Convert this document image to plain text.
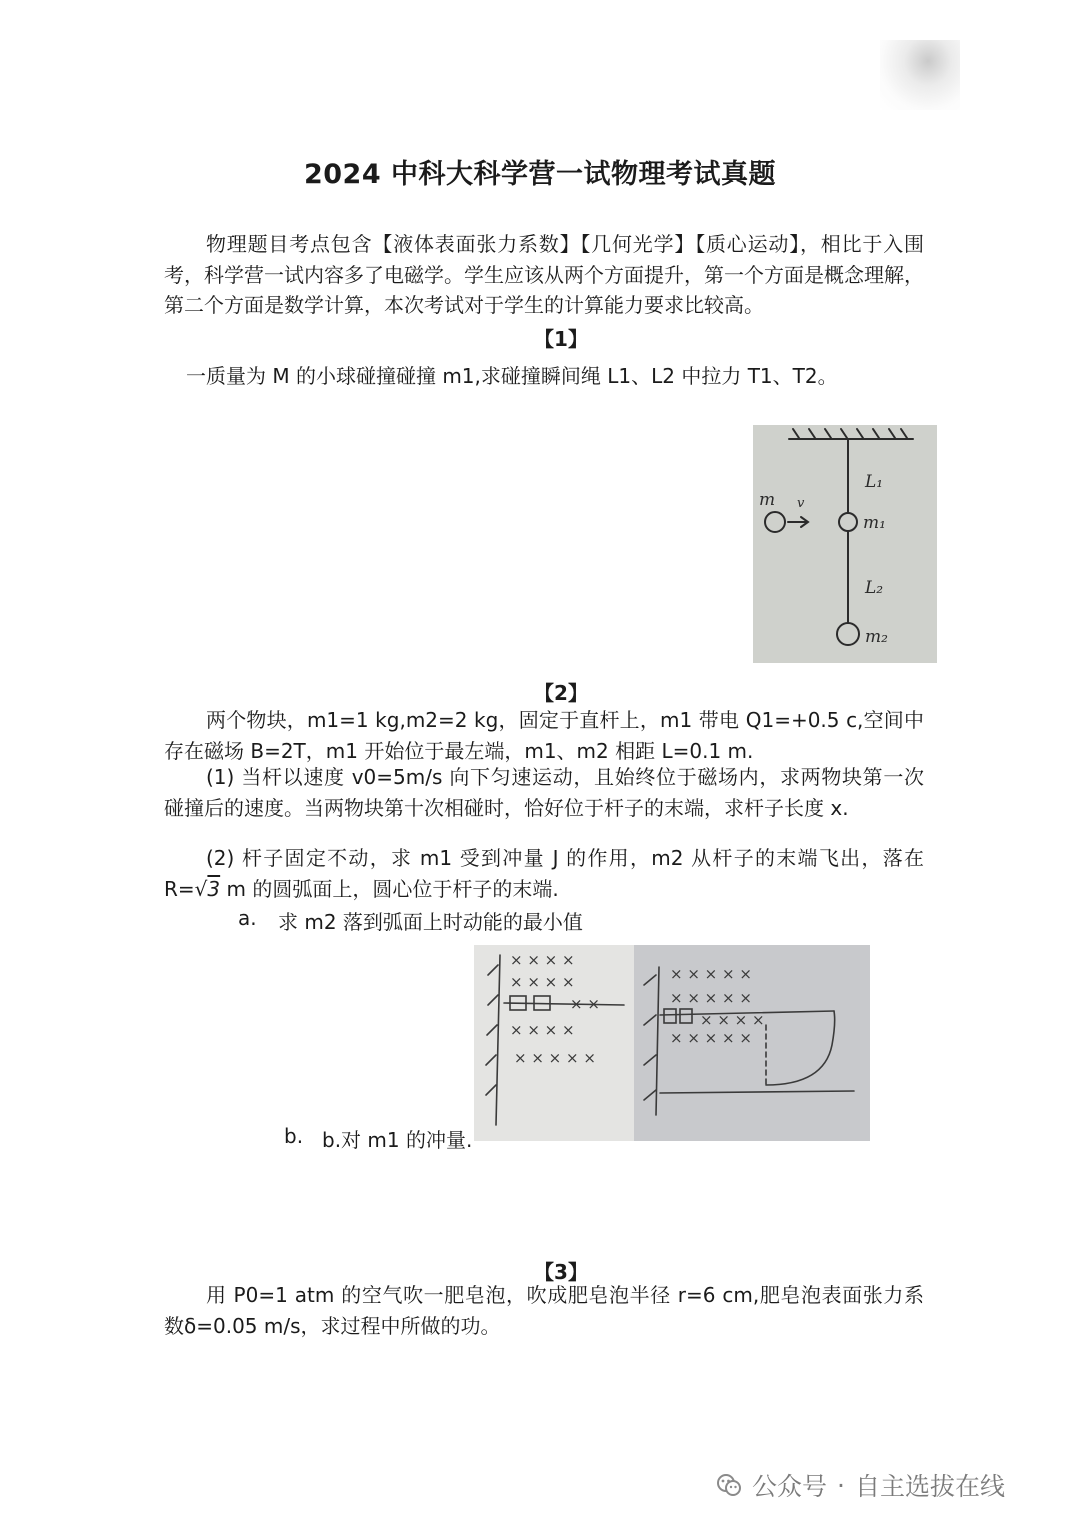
2024 中科大科学营一试物理考试真题
物理题目考点包含【液体表面张力系数】【几何光学】【质心运动】，相比于入围考，科学营一试内容多了电磁学。学生应该从两个方面提升，第一个方面是概念理解，第二个方面是数学计算，本次考试对于学生的计算能力要求比较高。
【1】
一质量为 M 的小球碰撞碰撞 m1,求碰撞瞬间绳 L1、L2 中拉力 T1、T2。
m v
L₁
m₁
L₂
m₂
【2】
两个物块，m1=1 kg,m2=2 kg，固定于直杆上，m1 带电 Q1=+0.5 c,空间中存在磁场 B=2T，m1 开始位于最左端，m1、m2 相距 L=0.1 m.
(1) 当杆以速度 v0=5m/s 向下匀速运动，且始终位于磁场内，求两物块第一次碰撞后的速度。当两物块第十次相碰时，恰好位于杆子的末端，求杆子长度 x.
(2) 杆子固定不动，求 m1 受到冲量 J 的作用，m2 从杆子的末端飞出，落在 R=√3 m 的圆弧面上，圆心位于杆子的末端.
a. 求 m2 落到弧面上时动能的最小值
× × × ×
× × × ×
× ×
× × × ×
× × × × ×
× × × × ×
× × × × ×
× × × ×
× × × × ×
b. b.对 m1 的冲量.
【3】
用 P0=1 atm 的空气吹一肥皂泡，吹成肥皂泡半径 r=6 cm,肥皂泡表面张力系数δ=0.05 m/s，求过程中所做的功。
公众号 · 自主选拔在线
